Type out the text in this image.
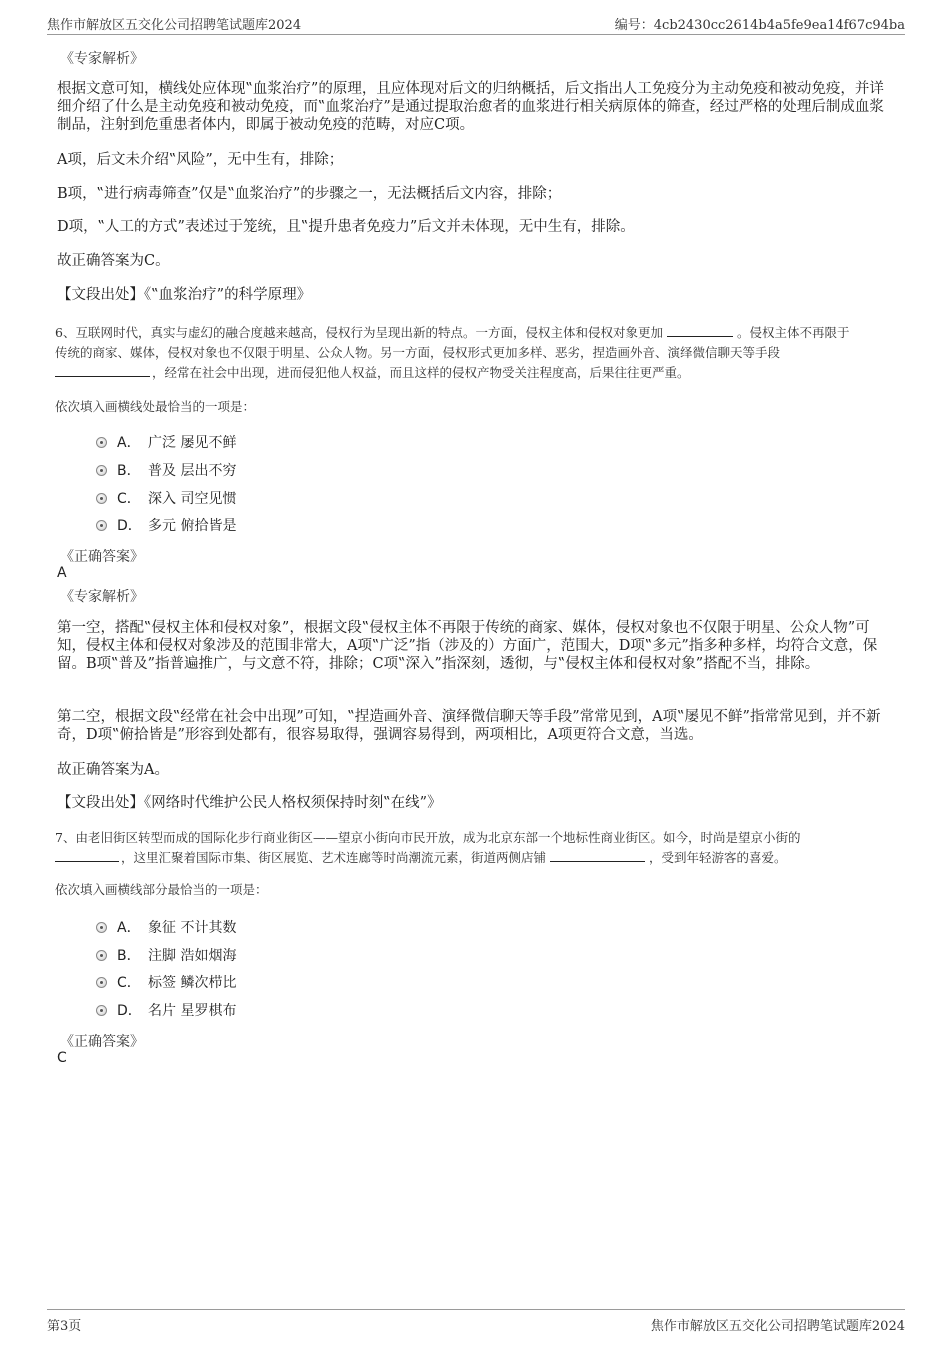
焦作市解放区五交化公司招聘笔试题库2024	编号：4cb2430cc2614b4a5fe9ea14f67c94ba
《专家解析》
根据文意可知，横线处应体现‟血浆治疗”的原理，且应体现对后文的归纳概括，后文指出人工免疫分为主动免疫和被动免疫，并详细介绍了什么是主动免疫和被动免疫，而‟血浆治疗”是通过提取治愈者的血浆进行相关病原体的筛查，经过严格的处理后制成血浆制品，注射到危重患者体内，即属于被动免疫的范畴，对应C项。
A项，后文未介绍‟风险”，无中生有，排除；
B项，‟进行病毒筛查”仅是‟血浆治疗”的步骤之一，无法概括后文内容，排除；
D项，‟人工的方式”表述过于笼统，且‟提升患者免疫力”后文并未体现，无中生有，排除。
故正确答案为C。
【文段出处】《‟血浆治疗”的科学原理》
6、互联网时代，真实与虚幻的融合度越来越高，侵权行为呈现出新的特点。一方面，侵权主体和侵权对象更加	。侵权主体不再限于
传统的商家、媒体，侵权对象也不仅限于明星、公众人物。另一方面，侵权形式更加多样、恶劣，捏造画外音、演绎微信聊天等手段
，经常在社会中出现，进而侵犯他人权益，而且这样的侵权产物受关注程度高，后果往往更严重。
依次填入画横线处最恰当的一项是：
A． 广泛 屡见不鲜
B． 普及 层出不穷
C． 深入 司空见惯
D． 多元 俯拾皆是
《正确答案》
A
《专家解析》
第一空，搭配‟侵权主体和侵权对象”，根据文段‟侵权主体不再限于传统的商家、媒体，侵权对象也不仅限于明星、公众人物”可知，侵权主体和侵权对象涉及的范围非常大，A项‟广泛”指（涉及的）方面广，范围大，D项‟多元”指多种多样，均符合文意，保留。B项‟普及”指普遍推广，与文意不符，排除；C项‟深入”指深刻，透彻，与‟侵权主体和侵权对象”搭配不当，排除。
第二空，根据文段‟经常在社会中出现”可知，‟捏造画外音、演绎微信聊天等手段”常常见到，A项‟屡见不鲜”指常常见到，并不新奇，D项‟俯拾皆是”形容到处都有，很容易取得，强调容易得到，两项相比，A项更符合文意，当选。
故正确答案为A。
【文段出处】《网络时代维护公民人格权须保持时刻‟在线”》
7、由老旧街区转型而成的国际化步行商业街区——望京小街向市民开放，成为北京东部一个地标性商业街区。如今，时尚是望京小街的
，这里汇聚着国际市集、街区展览、艺术连廊等时尚潮流元素，街道两侧店铺	，受到年轻游客的喜爱。
依次填入画横线部分最恰当的一项是：
A． 象征 不计其数
B． 注脚 浩如烟海
C． 标签 鳞次栉比
D． 名片 星罗棋布
《正确答案》
C
第3页	焦作市解放区五交化公司招聘笔试题库2024
